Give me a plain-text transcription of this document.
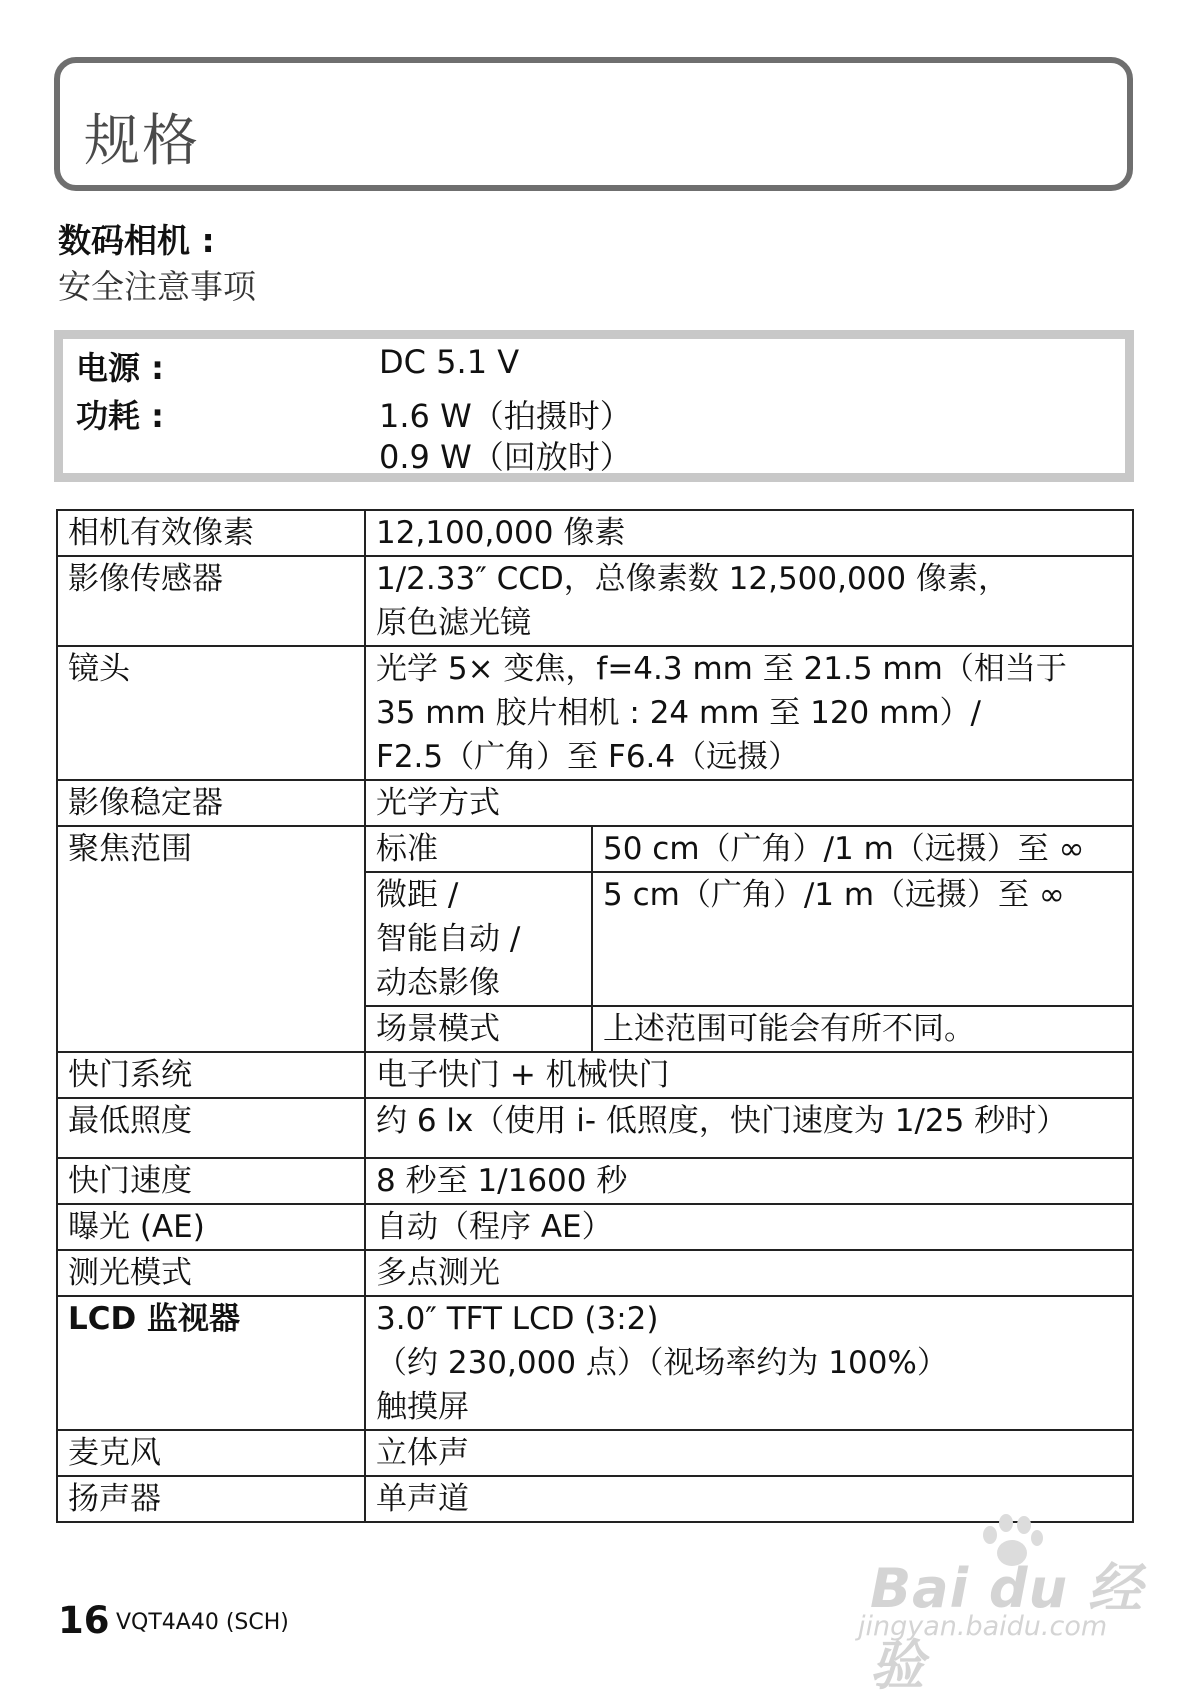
规格
数码相机 :
安全注意事项
电源 :	DC 5.1 V
功耗 :	1.6 W（拍摄时）
0.9 W（回放时）
相机有效像素	12,100,000 像素	
影像传感器	1/2.33″ CCD，总像素数 12,500,000 像素，
原色滤光镜	

镜头	光学 5× 变焦，f=4.3 mm 至 21.5 mm（相当于
35 mm 胶片相机 : 24 mm 至 120 mm）/
F2.5（广角）至 F6.4（远摄）	

影像稳定器	光学方式	
聚焦范围	标准	50 cm（广角）/1 m（远摄）至 ∞

	微距 /
智能自动 /
动态影像	5 cm（广角）/1 m（远摄）至 ∞
	场景模式	上述范围可能会有所不同。
快门系统	电子快门 + 机械快门	
最低照度	约 6 lx（使用 i- 低照度，快门速度为 1/25 秒时）	
快门速度	8 秒至 1/1600 秒	
曝光 (AE)	自动（程序 AE）	
测光模式	多点测光	
LCD 监视器	3.0″ TFT LCD (3:2)
（约 230,000 点）（视场率约为 100%）
触摸屏	

麦克风	立体声	
扬声器	单声道	
16 VQT4A40 (SCH)
Bai du 经验
jingyan.baidu.com
